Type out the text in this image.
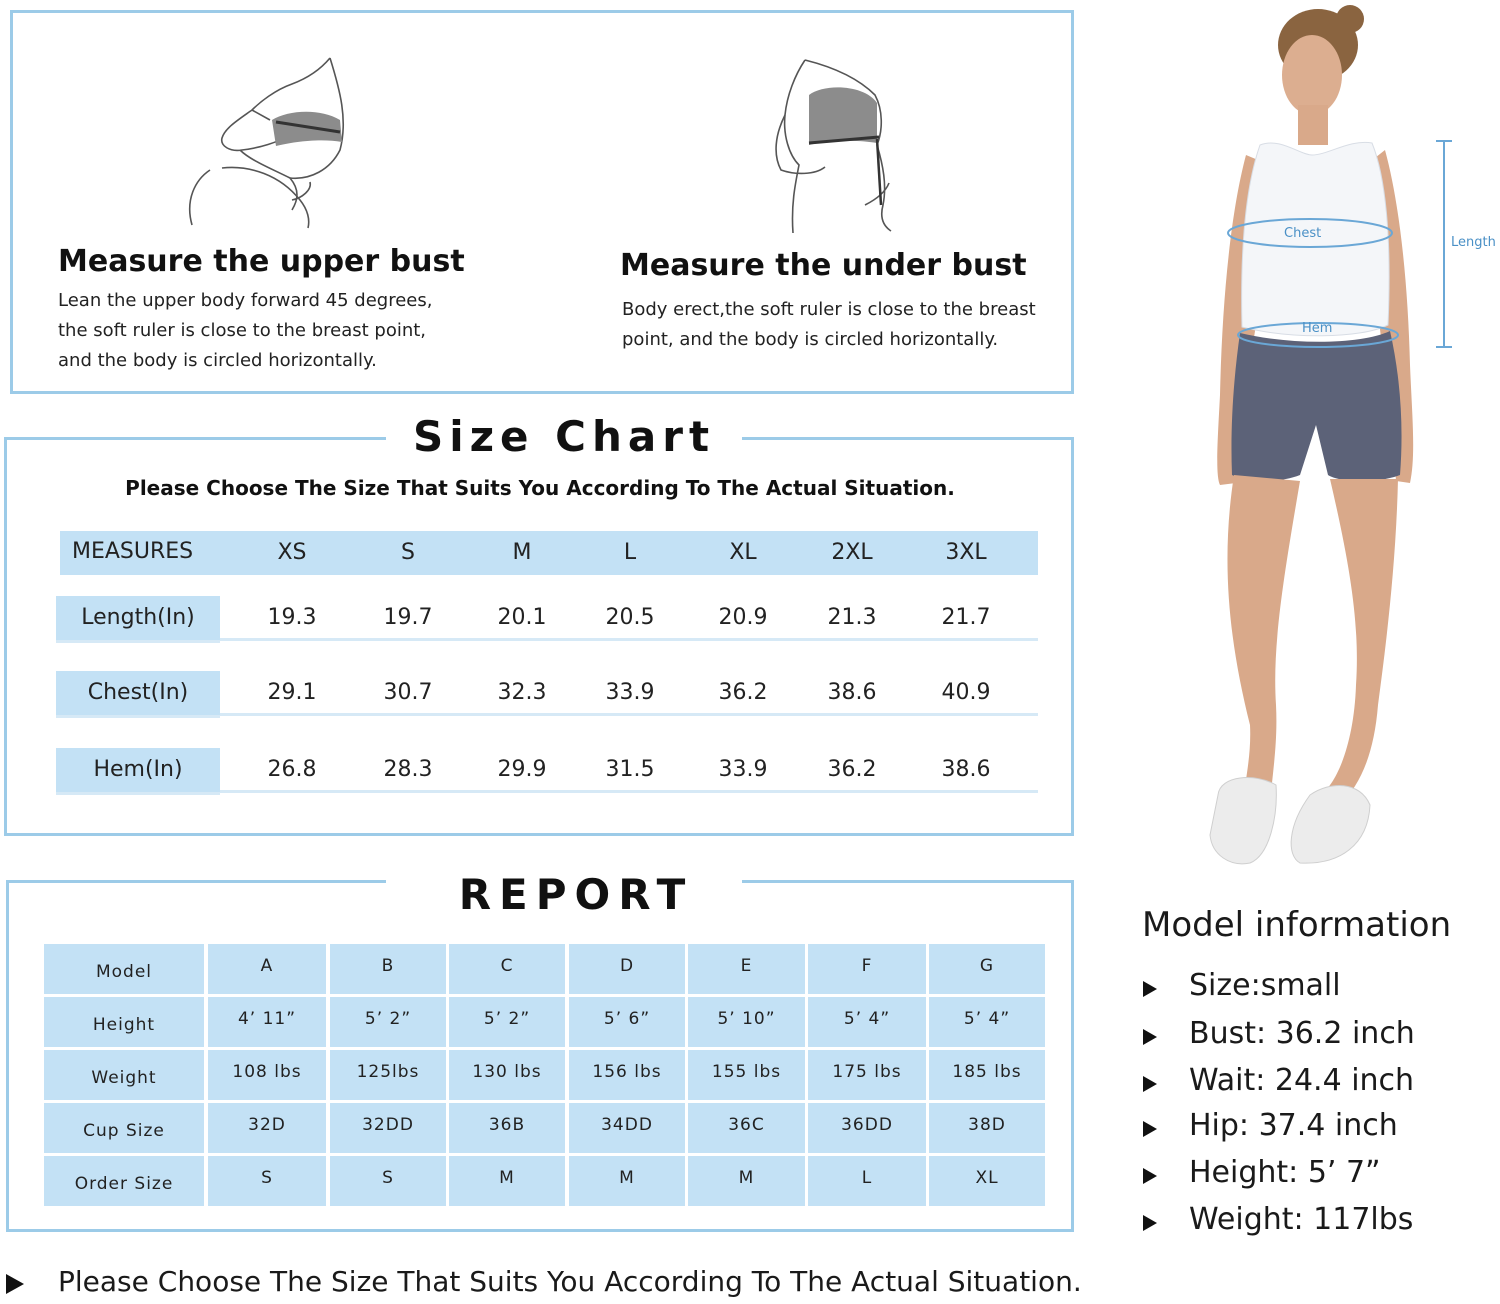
Measure the upper bust
Lean the upper body forward 45 degrees,
the soft ruler is close to the breast point,
and the body is circled horizontally.
Measure the under bust
Body erect,the soft ruler is close to the breast
point, and the body is circled horizontally.
Size Chart
Please Choose The Size That Suits You According To The Actual Situation.
MEASURES	XS	S	M	L	XL	2XL	3XL
Length(In)	19.3	19.7	20.1	20.5	20.9	21.3	21.7
Chest(In)	29.1	30.7	32.3	33.9	36.2	38.6	40.9
Hem(In)	26.8	28.3	29.9	31.5	33.9	36.2	38.6
REPORT
Model	A	B	C	D	E	F	G
Height	4’ 11”	5’ 2”	5’ 2”	5’ 6”	5’ 10”	5’ 4”	5’ 4”
Weight	108 lbs	125lbs	130 lbs	156 lbs	155 lbs	175 lbs	185 lbs
Cup Size	32D	32DD	36B	34DD	36C	36DD	38D
Order Size	S	S	M	M	M	L	XL
Chest
Hem
Length
Model information
Size:small
Bust: 36.2 inch
Wait: 24.4 inch
Hip: 37.4 inch
Height: 5’ 7”
Weight: 117lbs
Please Choose The Size That Suits You According To The Actual Situation.
